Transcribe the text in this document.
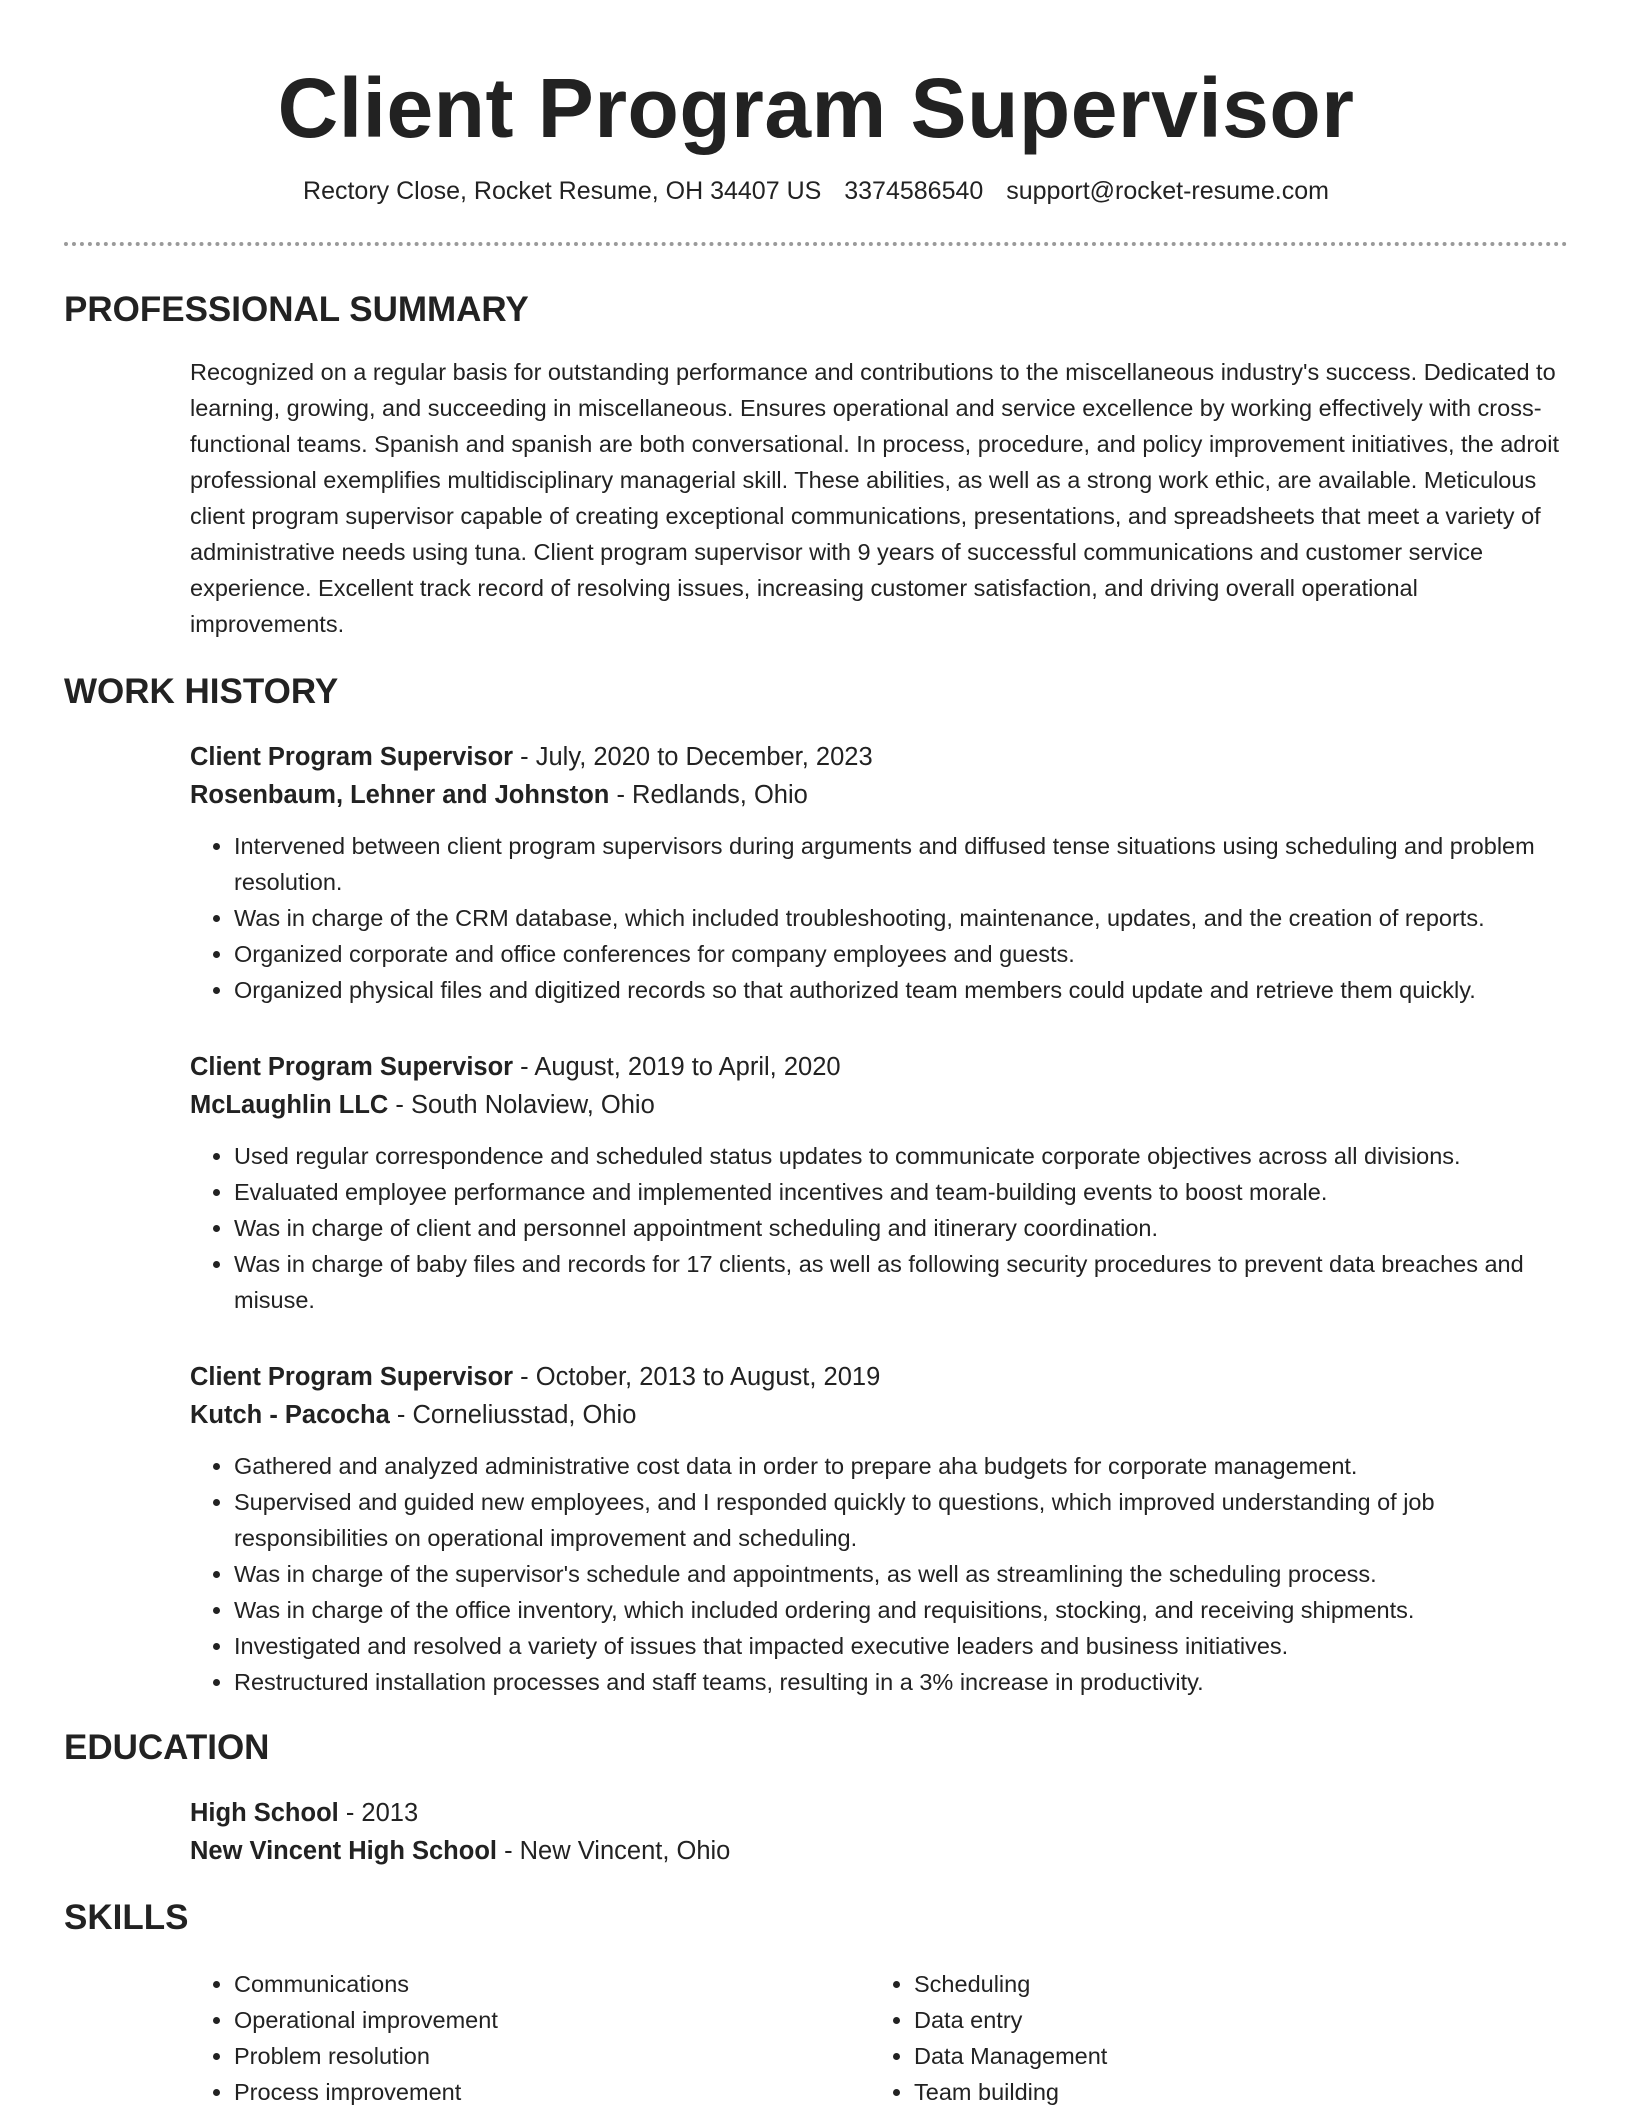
Client Program Supervisor
Rectory Close, Rocket Resume, OH 34407 US 3374586540 support@rocket-resume.com
PROFESSIONAL SUMMARY
Recognized on a regular basis for outstanding performance and contributions to the miscellaneous industry's success. Dedicated to learning, growing, and succeeding in miscellaneous. Ensures operational and service excellence by working effectively with cross-functional teams. Spanish and spanish are both conversational. In process, procedure, and policy improvement initiatives, the adroit professional exemplifies multidisciplinary managerial skill. These abilities, as well as a strong work ethic, are available. Meticulous client program supervisor capable of creating exceptional communications, presentations, and spreadsheets that meet a variety of administrative needs using tuna. Client program supervisor with 9 years of successful communications and customer service experience. Excellent track record of resolving issues, increasing customer satisfaction, and driving overall operational improvements.
WORK HISTORY
Client Program Supervisor - July, 2020 to December, 2023
Rosenbaum, Lehner and Johnston - Redlands, Ohio
• Intervened between client program supervisors during arguments and diffused tense situations using scheduling and problem resolution.
• Was in charge of the CRM database, which included troubleshooting, maintenance, updates, and the creation of reports.
• Organized corporate and office conferences for company employees and guests.
• Organized physical files and digitized records so that authorized team members could update and retrieve them quickly.
Client Program Supervisor - August, 2019 to April, 2020
McLaughlin LLC - South Nolaview, Ohio
• Used regular correspondence and scheduled status updates to communicate corporate objectives across all divisions.
• Evaluated employee performance and implemented incentives and team-building events to boost morale.
• Was in charge of client and personnel appointment scheduling and itinerary coordination.
• Was in charge of baby files and records for 17 clients, as well as following security procedures to prevent data breaches and misuse.
Client Program Supervisor - October, 2013 to August, 2019
Kutch - Pacocha - Corneliusstad, Ohio
• Gathered and analyzed administrative cost data in order to prepare aha budgets for corporate management.
• Supervised and guided new employees, and I responded quickly to questions, which improved understanding of job responsibilities on operational improvement and scheduling.
• Was in charge of the supervisor's schedule and appointments, as well as streamlining the scheduling process.
• Was in charge of the office inventory, which included ordering and requisitions, stocking, and receiving shipments.
• Investigated and resolved a variety of issues that impacted executive leaders and business initiatives.
• Restructured installation processes and staff teams, resulting in a 3% increase in productivity.
EDUCATION
High School - 2013
New Vincent High School - New Vincent, Ohio
SKILLS
• Communications
• Operational improvement
• Problem resolution
• Process improvement
• Scheduling
• Data entry
• Data Management
• Team building
